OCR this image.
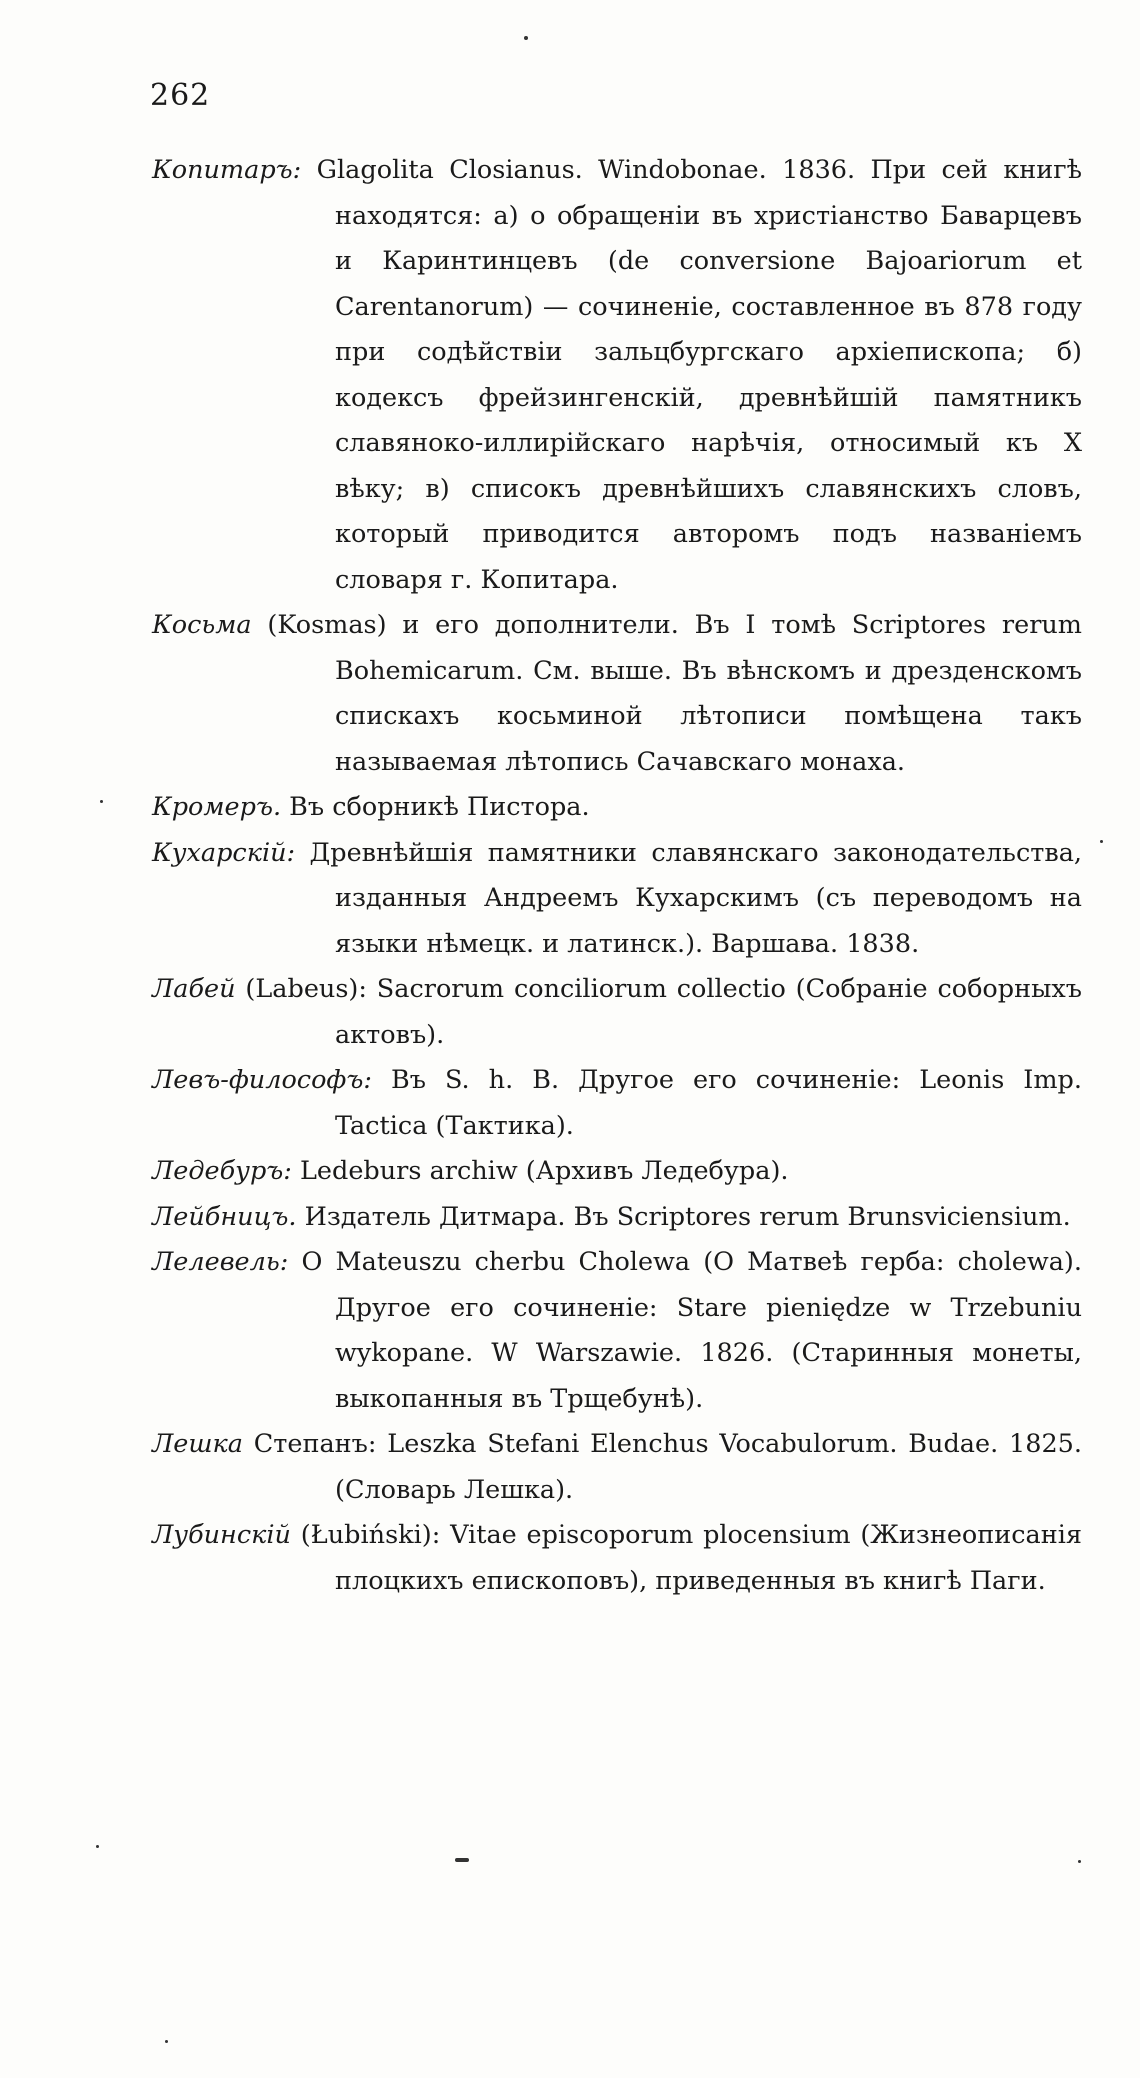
262

Копитаръ: Glagolita Closianus. Windobonae. 1836. При сей книгѣ находятся: а) о обращеніи въ христіанство Баварцевъ и Каринтинцевъ (de conversione Bajoariorum et Carentanorum) — сочиненіе, составленное въ 878 году при содѣйствіи зальцбургскаго архіепископа; б) кодексъ фрейзингенскій, древнѣйшій памятникъ славяноко-иллирійскаго нарѣчія, относимый къ X вѣку; в) списокъ древнѣйшихъ славянскихъ словъ, который приводится авторомъ подъ названіемъ словаря г. Копитара.

Косьма (Kosmas) и его дополнители. Въ I томѣ Scriptores rerum Bohemicarum. См. выше. Въ вѣнскомъ и дрезденскомъ спискахъ косьминой лѣтописи помѣщена такъ называемая лѣтопись Сачавскаго монаха.

Кромеръ. Въ сборникѣ Пистора.

Кухарскій: Древнѣйшія памятники славянскаго законодательства, изданныя Андреемъ Кухарскимъ (съ переводомъ на языки нѣмецк. и латинск.). Варшава. 1838.

Лабей (Labeus): Sacrorum conciliorum collectio (Собраніе соборныхъ актовъ).

Левъ-философъ: Въ S. h. B. Другое его сочиненіе: Leonis Imp. Tactica (Тактика).

Ледебуръ: Ledeburs archiw (Архивъ Ледебура).

Лейбницъ. Издатель Дитмара. Въ Scriptores rerum Brunsviciensium.

Лелевель: O Mateuszu cherbu Cholewa (О Матвеѣ герба: cholewa). Другое его сочиненіе: Stare pieniędze w Trzebuniu wykopane. W Warszawie. 1826. (Старинныя монеты, выкопанныя въ Трщебунѣ).

Лешка Степанъ: Leszka Stefani Elenchus Vocabulorum. Budae. 1825. (Словарь Лешка).

Лубинскій (Łubiński): Vitae episcoporum plocensium (Жизнеописанія плоцкихъ епископовъ), приведенныя въ книгѣ Паги.
